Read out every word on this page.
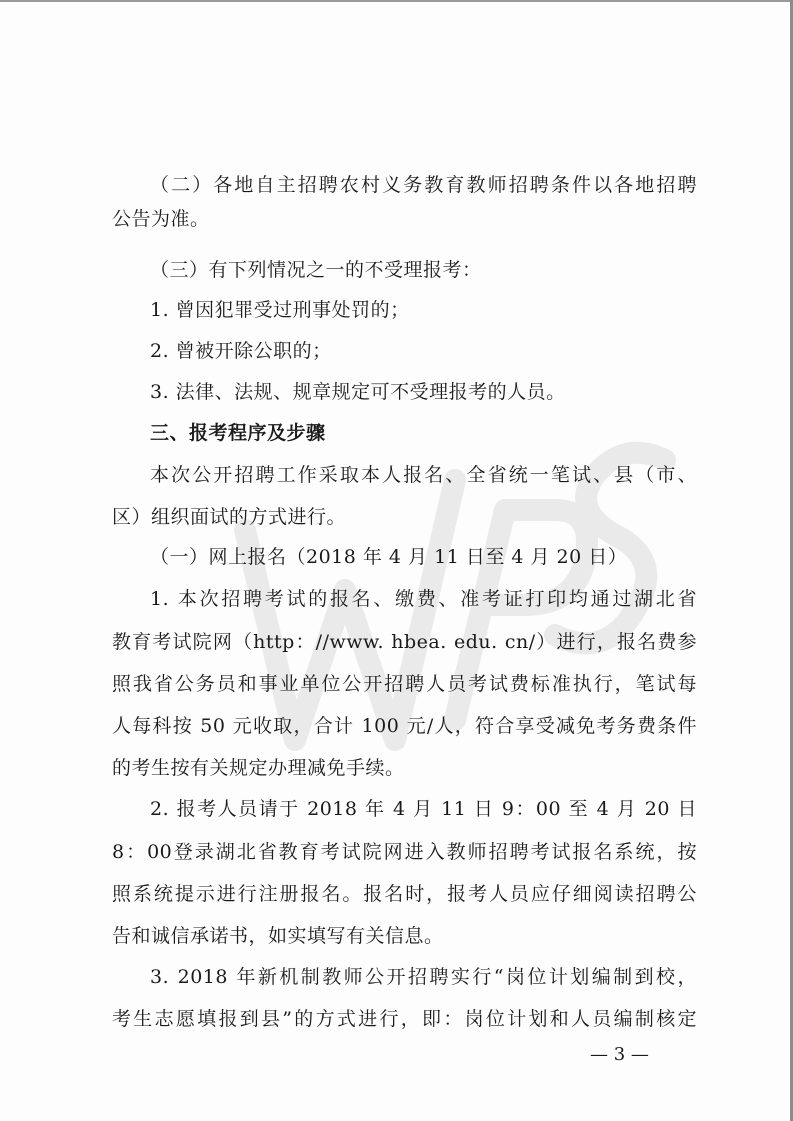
（二）各地自主招聘农村义务教育教师招聘条件以各地招聘
公告为准。
（三）有下列情况之一的不受理报考：
1. 曾因犯罪受过刑事处罚的；
2. 曾被开除公职的；
3. 法律、法规、规章规定可不受理报考的人员。
三、报考程序及步骤
本次公开招聘工作采取本人报名、全省统一笔试、县（市、
区）组织面试的方式进行。
（一）网上报名（2018 年 4 月 11 日至 4 月 20 日）
1. 本次招聘考试的报名、缴费、准考证打印均通过湖北省
教育考试院网（http：//www. hbea. edu. cn/）进行，报名费参
照我省公务员和事业单位公开招聘人员考试费标准执行，笔试每
人每科按 50 元收取，合计 100 元/人，符合享受减免考务费条件
的考生按有关规定办理减免手续。
2. 报考人员请于 2018 年 4 月 11 日 9：00 至 4 月 20 日
8：00登录湖北省教育考试院网进入教师招聘考试报名系统，按
照系统提示进行注册报名。报名时，报考人员应仔细阅读招聘公
告和诚信承诺书，如实填写有关信息。
3. 2018 年新机制教师公开招聘实行“岗位计划编制到校，
考生志愿填报到县”的方式进行，即：岗位计划和人员编制核定
— 3 —
